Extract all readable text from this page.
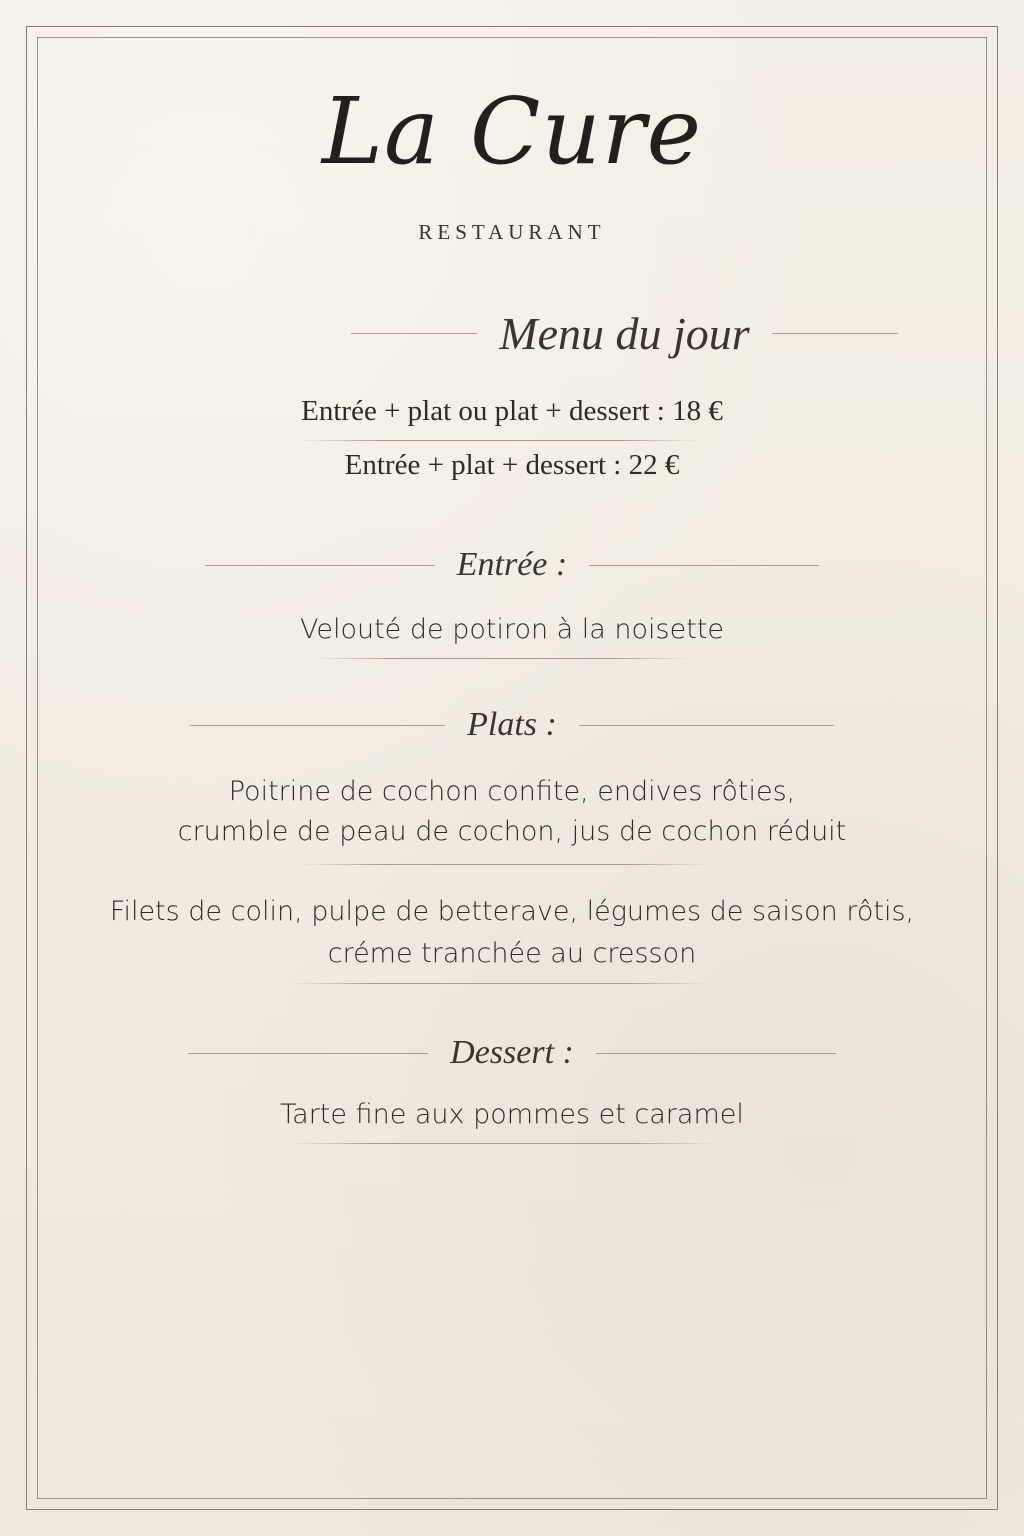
La Cure
RESTAURANT
Menu du jour
Entrée + plat ou plat + dessert : 18 €
Entrée + plat + dessert : 22 €
Entrée :
Velouté de potiron à la noisette
Plats :
Poitrine de cochon confite, endives rôties,
crumble de peau de cochon, jus de cochon réduit
Filets de colin, pulpe de betterave, légumes de saison rôtis,
créme tranchée au cresson
Dessert :
Tarte fine aux pommes et caramel
